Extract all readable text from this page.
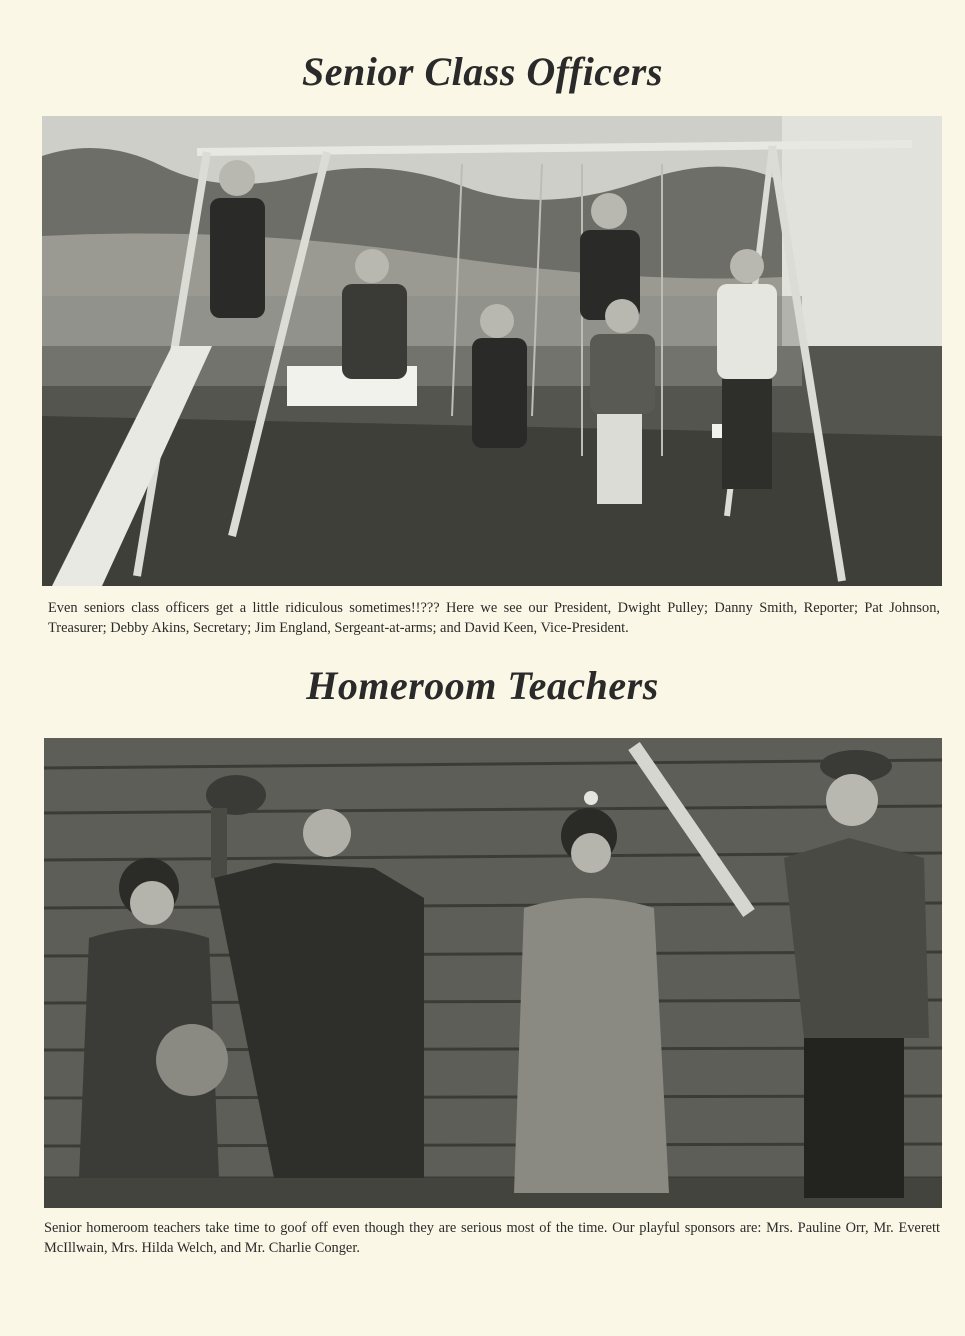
Senior Class Officers
Even seniors class officers get a little ridiculous sometimes!!??? Here we see our President, Dwight Pulley; Danny Smith, Reporter; Pat Johnson, Treasurer; Debby Akins, Secretary; Jim England, Sergeant-at-arms; and David Keen, Vice-President.
Homeroom Teachers
Senior homeroom teachers take time to goof off even though they are serious most of the time. Our playful sponsors are: Mrs. Pauline Orr, Mr. Everett McIllwain, Mrs. Hilda Welch, and Mr. Charlie Conger.
